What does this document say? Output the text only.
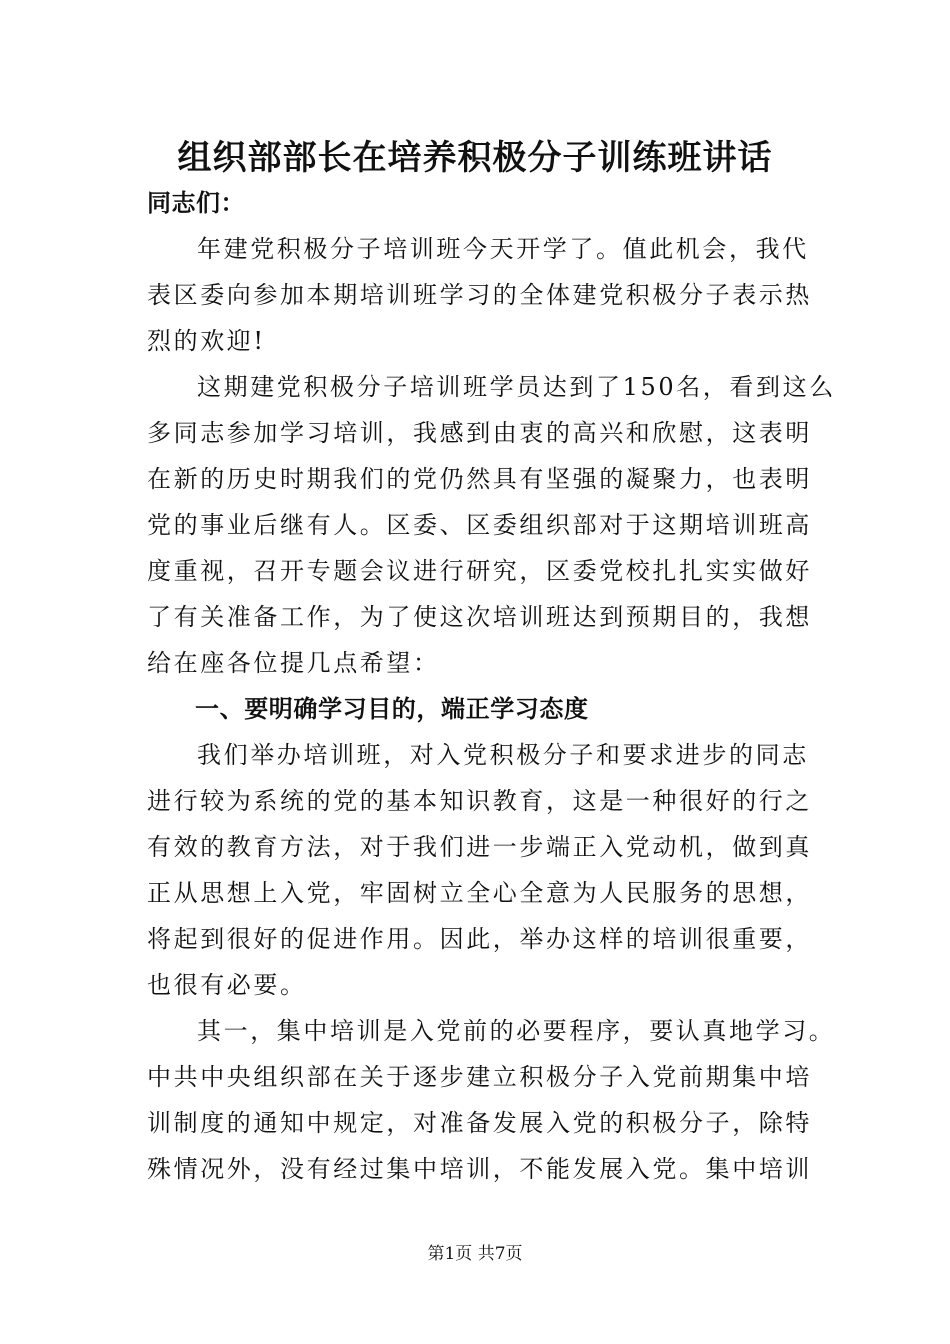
组织部部长在培养积极分子训练班讲话
同志们：
年建党积极分子培训班今天开学了。值此机会，我代
表区委向参加本期培训班学习的全体建党积极分子表示热
烈的欢迎!
这期建党积极分子培训班学员达到了150名，看到这么
多同志参加学习培训，我感到由衷的高兴和欣慰，这表明
在新的历史时期我们的党仍然具有坚强的凝聚力，也表明
党的事业后继有人。区委、区委组织部对于这期培训班高
度重视，召开专题会议进行研究，区委党校扎扎实实做好
了有关准备工作，为了使这次培训班达到预期目的，我想
给在座各位提几点希望：
一、要明确学习目的，端正学习态度
我们举办培训班，对入党积极分子和要求进步的同志
进行较为系统的党的基本知识教育，这是一种很好的行之
有效的教育方法，对于我们进一步端正入党动机，做到真
正从思想上入党，牢固树立全心全意为人民服务的思想，
将起到很好的促进作用。因此，举办这样的培训很重要，
也很有必要。
其一，集中培训是入党前的必要程序，要认真地学习。
中共中央组织部在关于逐步建立积极分子入党前期集中培
训制度的通知中规定，对准备发展入党的积极分子，除特
殊情况外，没有经过集中培训，不能发展入党。集中培训
第1页 共7页
